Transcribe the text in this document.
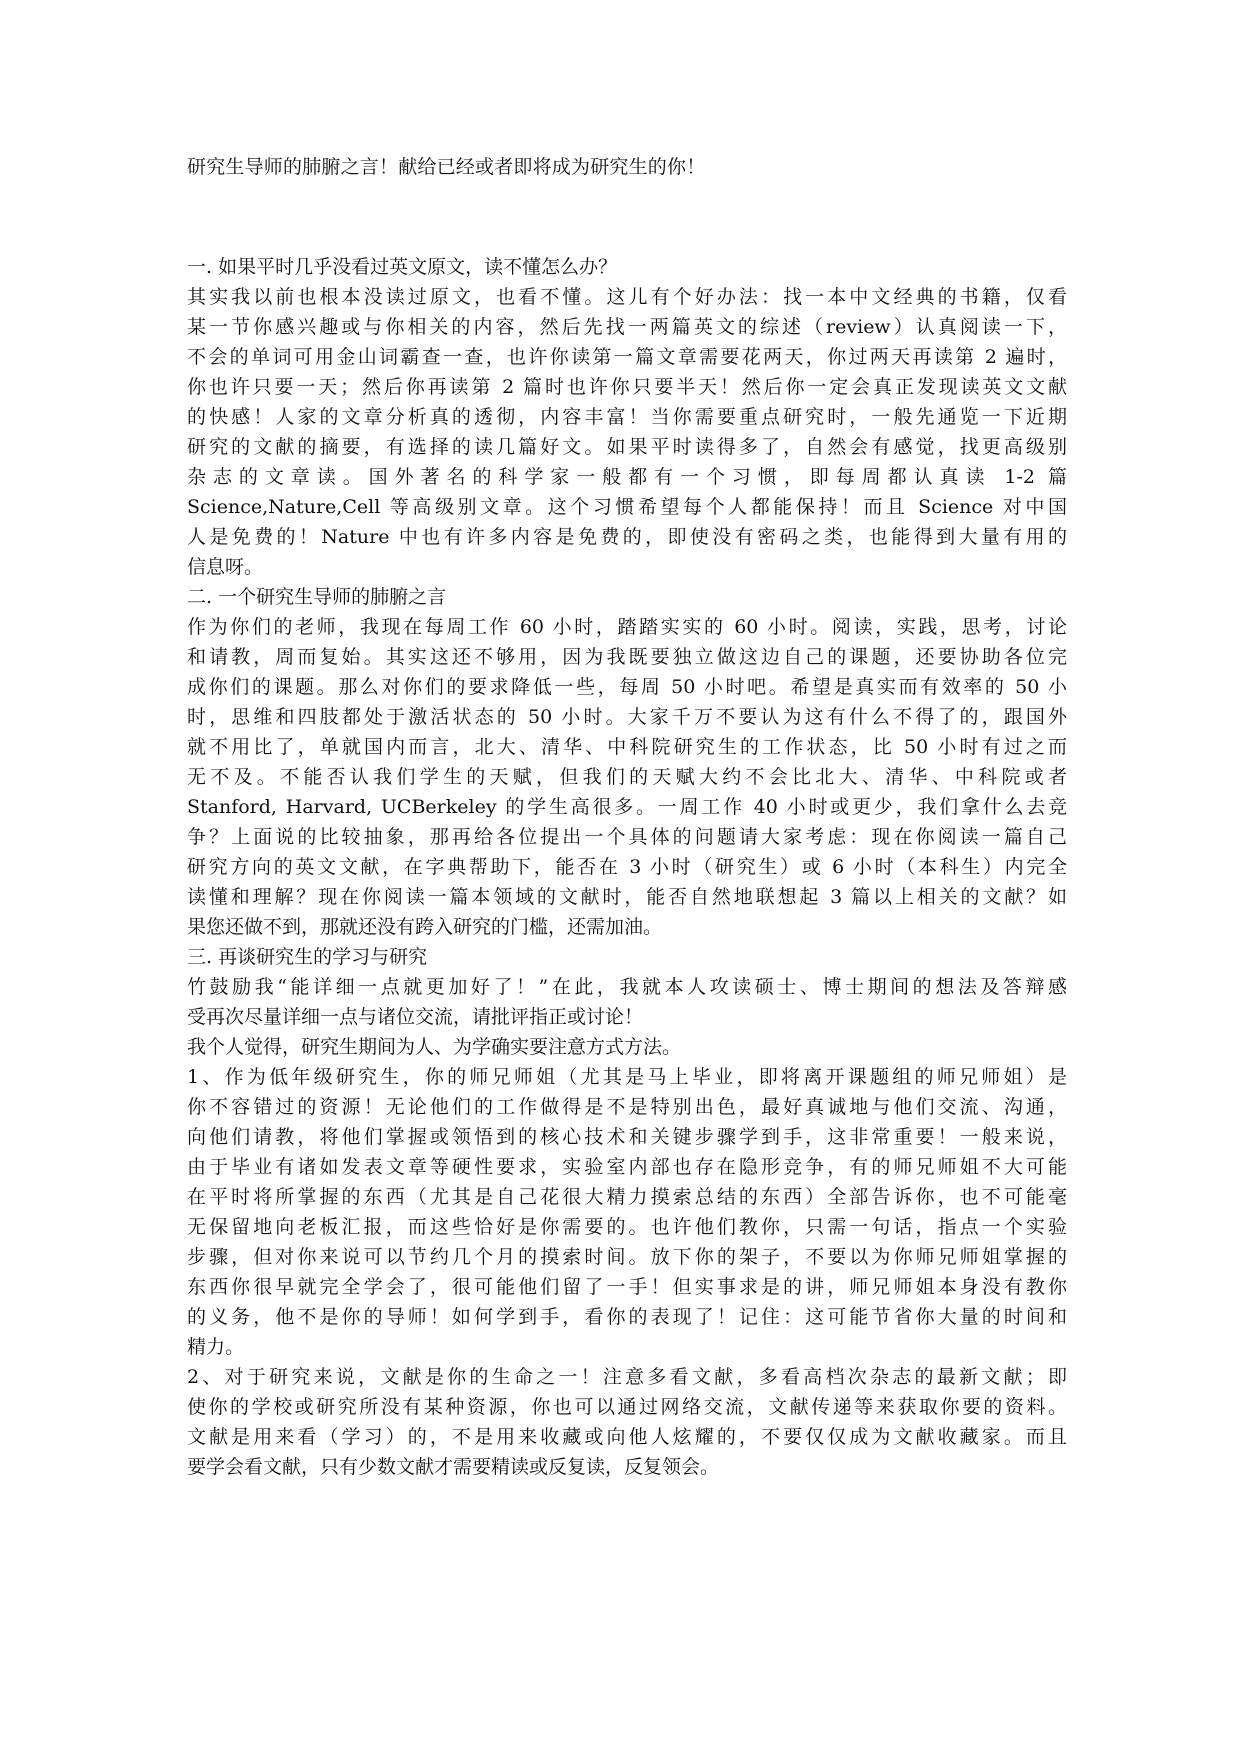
研究生导师的肺腑之言！献给已经或者即将成为研究生的你！
一. 如果平时几乎没看过英文原文，读不懂怎么办？
其实我以前也根本没读过原文，也看不懂。这儿有个好办法：找一本中文经典的书籍，仅看
某一节你感兴趣或与你相关的内容，然后先找一两篇英文的综述（review）认真阅读一下，
不会的单词可用金山词霸查一查，也许你读第一篇文章需要花两天，你过两天再读第 2 遍时，
你也许只要一天；然后你再读第 2 篇时也许你只要半天！然后你一定会真正发现读英文文献
的快感！人家的文章分析真的透彻，内容丰富！当你需要重点研究时，一般先通览一下近期
研究的文献的摘要，有选择的读几篇好文。如果平时读得多了，自然会有感觉，找更高级别
杂志的文章读。国外著名的科学家一般都有一个习惯，即每周都认真读 1-2 篇
Science,Nature,Cell 等高级别文章。这个习惯希望每个人都能保持！而且 Science 对中国
人是免费的！Nature 中也有许多内容是免费的，即使没有密码之类，也能得到大量有用的
信息呀。
二. 一个研究生导师的肺腑之言
作为你们的老师，我现在每周工作 60 小时，踏踏实实的 60 小时。阅读，实践，思考，讨论
和请教，周而复始。其实这还不够用，因为我既要独立做这边自己的课题，还要协助各位完
成你们的课题。那么对你们的要求降低一些，每周 50 小时吧。希望是真实而有效率的 50 小
时，思维和四肢都处于激活状态的 50 小时。大家千万不要认为这有什么不得了的，跟国外
就不用比了，单就国内而言，北大、清华、中科院研究生的工作状态，比 50 小时有过之而
无不及。不能否认我们学生的天赋，但我们的天赋大约不会比北大、清华、中科院或者
Stanford, Harvard, UCBerkeley 的学生高很多。一周工作 40 小时或更少，我们拿什么去竞
争？上面说的比较抽象，那再给各位提出一个具体的问题请大家考虑：现在你阅读一篇自己
研究方向的英文文献，在字典帮助下，能否在 3 小时（研究生）或 6 小时（本科生）内完全
读懂和理解？现在你阅读一篇本领域的文献时，能否自然地联想起 3 篇以上相关的文献？如
果您还做不到，那就还没有跨入研究的门槛，还需加油。
三. 再谈研究生的学习与研究
竹鼓励我“能详细一点就更加好了！”在此，我就本人攻读硕士、博士期间的想法及答辩感
受再次尽量详细一点与诸位交流，请批评指正或讨论！
我个人觉得，研究生期间为人、为学确实要注意方式方法。
1、作为低年级研究生，你的师兄师姐（尤其是马上毕业，即将离开课题组的师兄师姐）是
你不容错过的资源！无论他们的工作做得是不是特别出色，最好真诚地与他们交流、沟通，
向他们请教，将他们掌握或领悟到的核心技术和关键步骤学到手，这非常重要！一般来说，
由于毕业有诸如发表文章等硬性要求，实验室内部也存在隐形竞争，有的师兄师姐不大可能
在平时将所掌握的东西（尤其是自己花很大精力摸索总结的东西）全部告诉你，也不可能毫
无保留地向老板汇报，而这些恰好是你需要的。也许他们教你，只需一句话，指点一个实验
步骤，但对你来说可以节约几个月的摸索时间。放下你的架子，不要以为你师兄师姐掌握的
东西你很早就完全学会了，很可能他们留了一手！但实事求是的讲，师兄师姐本身没有教你
的义务，他不是你的导师！如何学到手，看你的表现了！记住：这可能节省你大量的时间和
精力。
2、对于研究来说，文献是你的生命之一！注意多看文献，多看高档次杂志的最新文献；即
使你的学校或研究所没有某种资源，你也可以通过网络交流，文献传递等来获取你要的资料。
文献是用来看（学习）的，不是用来收藏或向他人炫耀的，不要仅仅成为文献收藏家。而且
要学会看文献，只有少数文献才需要精读或反复读，反复领会。
